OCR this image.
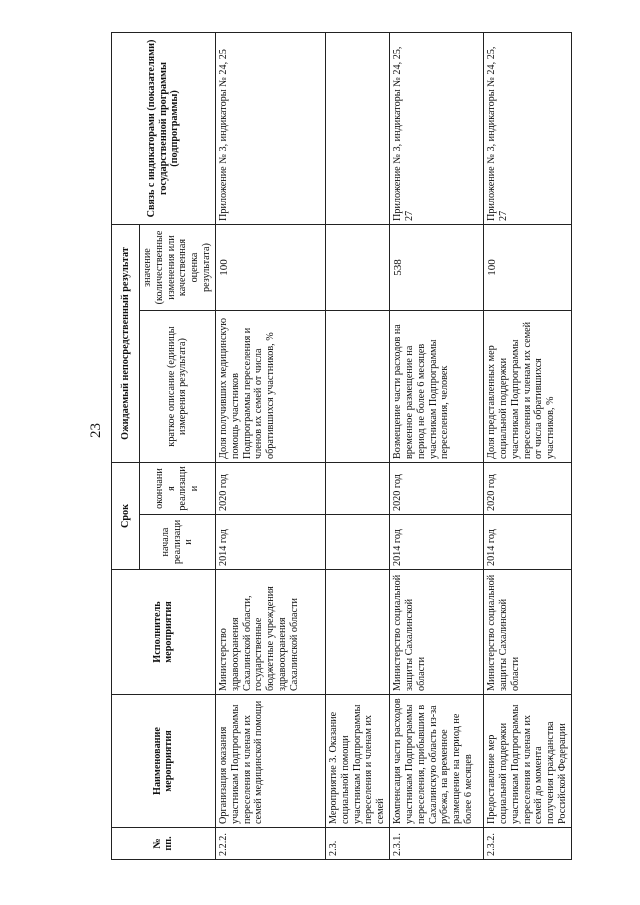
23
№ пп.	Наименование мероприятия	Исполнитель мероприятия	Срок		Ожидаемый непосредственный результат		Связь с индикаторами (показателями) государственной программы (подпрограммы)
			начала реализации	окончания реализации	краткое описание (единицы измерения результата)	значение (количественные изменения или качественная оценка результата)	
2.2.2.	Организация оказания участникам Подпрограммы переселения и членам их семей медицинской помощи	Министерство здравоохранения Сахалинской области, государственные бюджетные учреждения здравоохранения Сахалинской области	2014 год	2020 год	Доля получивших медицинскую помощь участников Подпрограммы переселения и членов их семей от числа обратившихся участников, %	100	Приложение № 3, индикаторы № 24, 25
2.3.	Мероприятие 3. Оказание социальной помощи участникам Подпрограммы переселения и членам их семей						
2.3.1.	Компенсация части расходов участникам Подпрограммы переселения, прибывшим в Сахалинскую область из-за рубежа, на временное размещение на период не более 6 месяцев	Министерство социальной защиты Сахалинской области	2014 год	2020 год	Возмещение части расходов на временное размещение на период не более 6 месяцев участникам Подпрограммы переселения, человек	538	Приложение № 3, индикаторы № 24, 25, 27
2.3.2.	Предоставление мер социальной поддержки участникам Подпрограммы переселения и членам их семей до момента получения гражданства Российской Федерации	Министерство социальной защиты Сахалинской области	2014 год	2020 год	Доля представленных мер социальной поддержки участникам Подпрограммы переселения и членам их семей от числа обратившихся участников, %	100	Приложение № 3, индикаторы № 24, 25, 27
